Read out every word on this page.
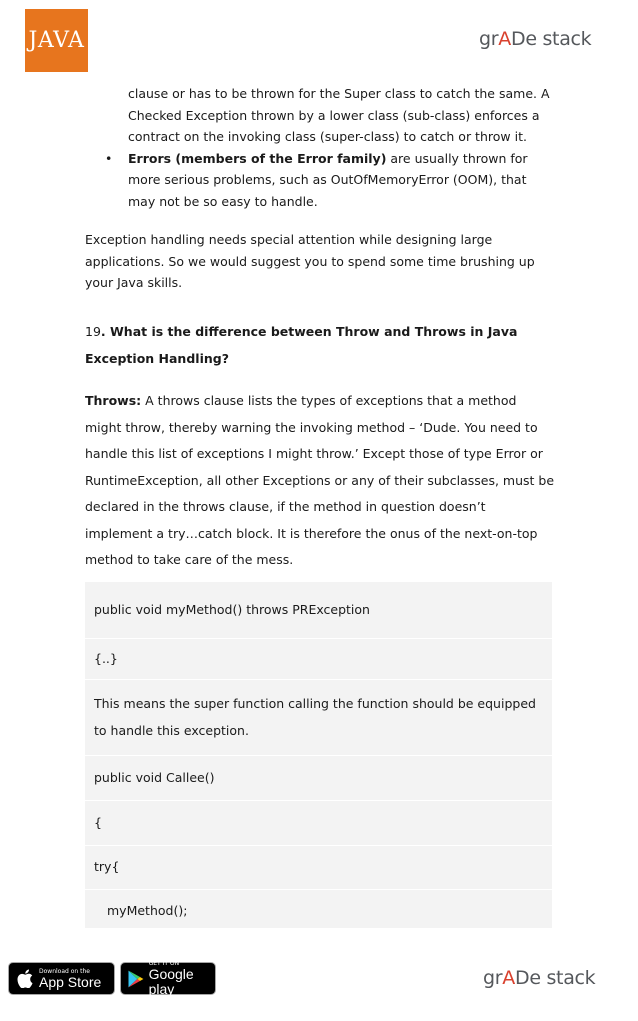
JAVA	grADe stack

clause or has to be thrown for the Super class to catch the same. A Checked Exception thrown by a lower class (sub-class) enforces a contract on the invoking class (super-class) to catch or throw it.

• Errors (members of the Error family) are usually thrown for more serious problems, such as OutOfMemoryError (OOM), that may not be so easy to handle.

Exception handling needs special attention while designing large applications. So we would suggest you to spend some time brushing up your Java skills.

19. What is the difference between Throw and Throws in Java Exception Handling?

Throws: A throws clause lists the types of exceptions that a method might throw, thereby warning the invoking method – ‘Dude. You need to handle this list of exceptions I might throw.’ Except those of type Error or RuntimeException, all other Exceptions or any of their subclasses, must be declared in the throws clause, if the method in question doesn’t implement a try…catch block. It is therefore the onus of the next-on-top method to take care of the mess.

public void myMethod() throws PRException
{..}
This means the super function calling the function should be equipped to handle this exception.
public void Callee()
{
try{
myMethod();
Download on the
App Store
GET IT ON
Google play	grADe stack
